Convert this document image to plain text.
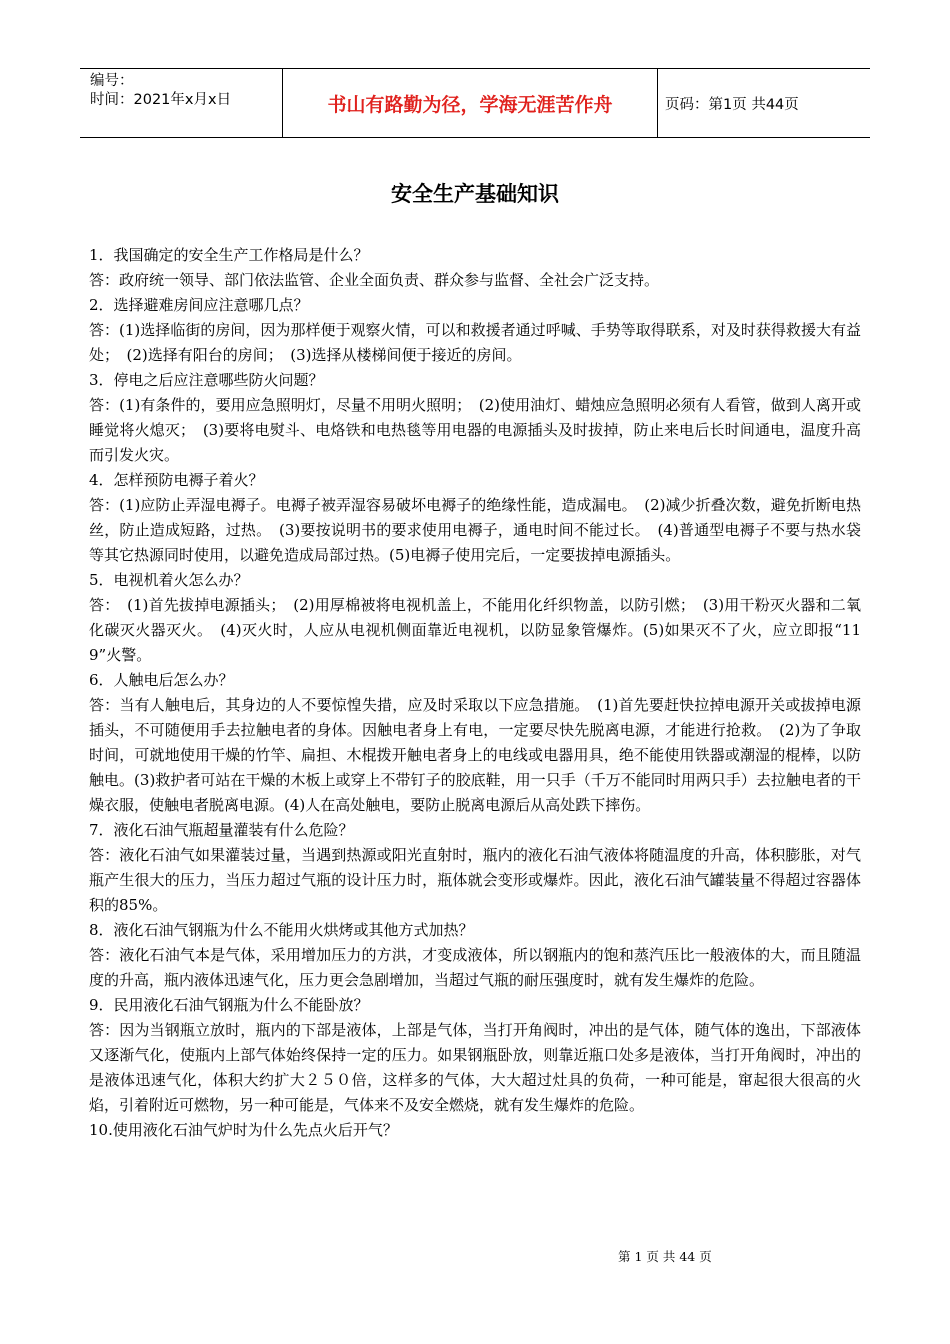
编号：
时间：2021年x月x日	书山有路勤为径，学海无涯苦作舟	页码：第1页 共44页
安全生产基础知识

1．我国确定的安全生产工作格局是什么？

答：政府统一领导、部门依法监管、企业全面负责、群众参与监督、全社会广泛支持。

2．选择避难房间应注意哪几点？

答：(1)选择临街的房间，因为那样便于观察火情，可以和救援者通过呼喊、手势等取得联系，对及时获得救援大有益处；　(2)选择有阳台的房间；　(3)选择从楼梯间便于接近的房间。

3．停电之后应注意哪些防火问题？

答：(1)有条件的，要用应急照明灯，尽量不用明火照明；　(2)使用油灯、蜡烛应急照明必须有人看管，做到人离开或睡觉将火熄灭；　(3)要将电熨斗、电烙铁和电热毯等用电器的电源插头及时拔掉，防止来电后长时间通电，温度升高而引发火灾。

4．怎样预防电褥子着火？

答：(1)应防止弄湿电褥子。电褥子被弄湿容易破坏电褥子的绝缘性能，造成漏电。　(2)减少折叠次数，避免折断电热丝，防止造成短路，过热。　(3)要按说明书的要求使用电褥子，通电时间不能过长。　(4)普通型电褥子不要与热水袋等其它热源同时使用，以避免造成局部过热。(5)电褥子使用完后，一定要拔掉电源插头。

5．电视机着火怎么办？

答：　(1)首先拔掉电源插头；　(2)用厚棉被将电视机盖上，不能用化纤织物盖，以防引燃；　(3)用干粉灭火器和二氧化碳灭火器灭火。　(4)灭火时，人应从电视机侧面靠近电视机，以防显象管爆炸。(5)如果灭不了火，应立即报“11 9”火警。

6．人触电后怎么办？

答：当有人触电后，其身边的人不要惊惶失措，应及时采取以下应急措施。　(1)首先要赶快拉掉电源开关或拔掉电源插头，不可随便用手去拉触电者的身体。因触电者身上有电，一定要尽快先脱离电源，才能进行抢救。　(2)为了争取时间，可就地使用干燥的竹竿、扁担、木棍拨开触电者身上的电线或电器用具，绝不能使用铁器或潮湿的棍棒，以防触电。(3)救护者可站在干燥的木板上或穿上不带钉子的胶底鞋，用一只手（千万不能同时用两只手）去拉触电者的干燥衣服，使触电者脱离电源。(4)人在高处触电，要防止脱离电源后从高处跌下摔伤。

7．液化石油气瓶超量灌装有什么危险？

答：液化石油气如果灌装过量，当遇到热源或阳光直射时，瓶内的液化石油气液体将随温度的升高，体积膨胀，对气瓶产生很大的压力，当压力超过气瓶的设计压力时，瓶体就会变形或爆炸。因此，液化石油气罐装量不得超过容器体积的85%。

8．液化石油气钢瓶为什么不能用火烘烤或其他方式加热？

答：液化石油气本是气体，采用增加压力的方洪，才变成液体，所以钢瓶内的饱和蒸汽压比一般液体的大，而且随温度的升高，瓶内液体迅速气化，压力更会急剧增加，当超过气瓶的耐压强度时，就有发生爆炸的危险。

9．民用液化石油气钢瓶为什么不能卧放？

答：因为当钢瓶立放时，瓶内的下部是液体，上部是气体，当打开角阀时，冲出的是气体，随气体的逸出，下部液体又逐渐气化，使瓶内上部气体始终保持一定的压力。如果钢瓶卧放，则靠近瓶口处多是液体，当打开角阀时，冲出的是液体迅速气化，体积大约扩大２５０倍，这样多的气体，大大超过灶具的负荷，一种可能是，窜起很大很高的火焰，引着附近可燃物，另一种可能是，气体来不及安全燃烧，就有发生爆炸的危险。

10.使用液化石油气炉时为什么先点火后开气？

第 1 页 共 44 页
